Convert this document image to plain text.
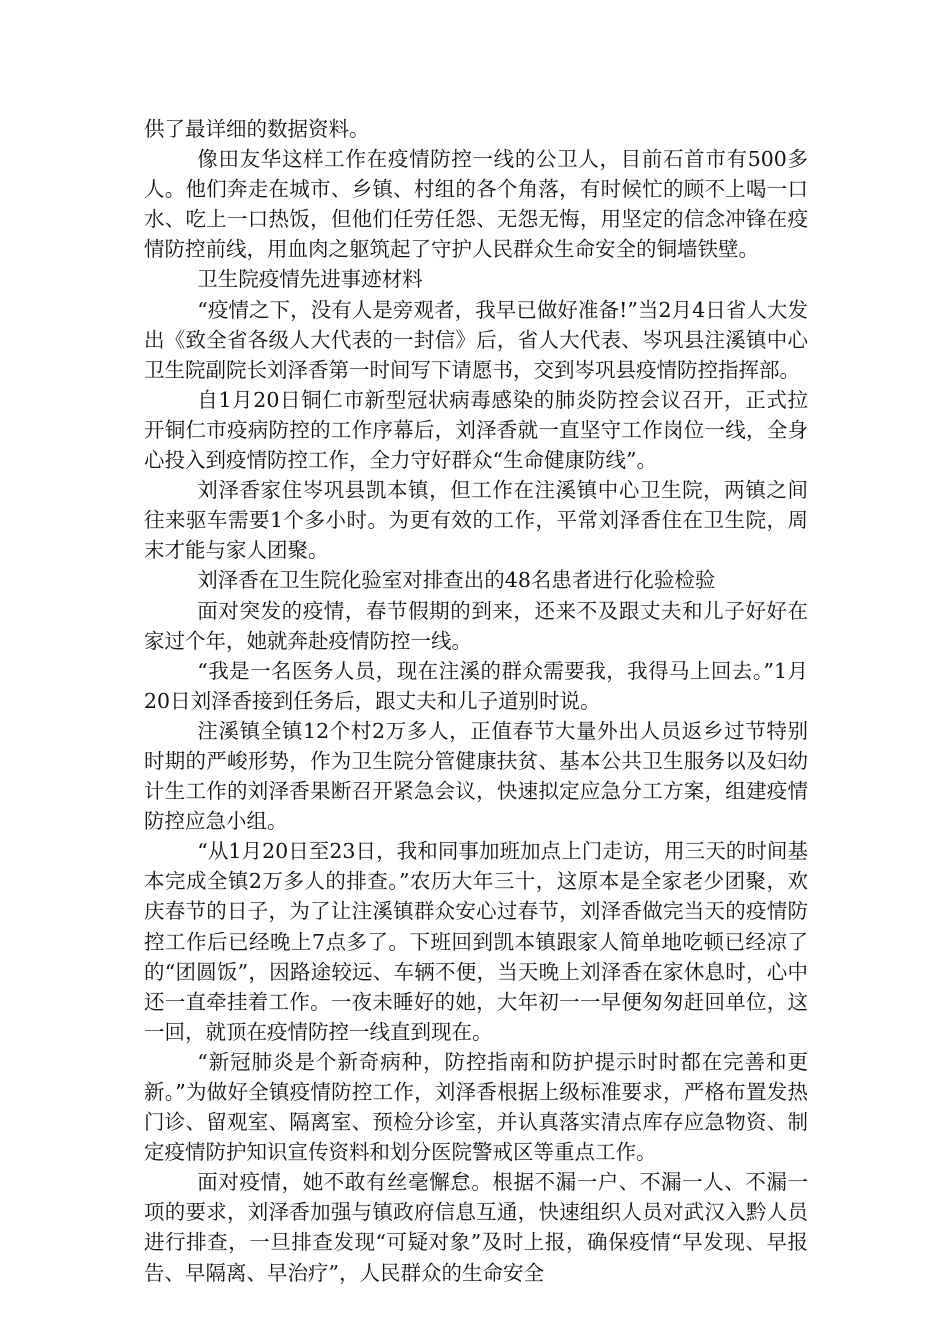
供了最详细的数据资料。

像田友华这样工作在疫情防控一线的公卫人，目前石首市有500多人。他们奔走在城市、乡镇、村组的各个角落，有时候忙的顾不上喝一口水、吃上一口热饭，但他们任劳任怨、无怨无悔，用坚定的信念冲锋在疫情防控前线，用血肉之躯筑起了守护人民群众生命安全的铜墙铁壁。

卫生院疫情先进事迹材料

“疫情之下，没有人是旁观者，我早已做好准备!”当2月4日省人大发出《致全省各级人大代表的一封信》后，省人大代表、岑巩县注溪镇中心卫生院副院长刘泽香第一时间写下请愿书，交到岑巩县疫情防控指挥部。

自1月20日铜仁市新型冠状病毒感染的肺炎防控会议召开，正式拉开铜仁市疫病防控的工作序幕后，刘泽香就一直坚守工作岗位一线，全身心投入到疫情防控工作，全力守好群众“生命健康防线”。

刘泽香家住岑巩县凯本镇，但工作在注溪镇中心卫生院，两镇之间往来驱车需要1个多小时。为更有效的工作，平常刘泽香住在卫生院，周末才能与家人团聚。

刘泽香在卫生院化验室对排查出的48名患者进行化验检验

面对突发的疫情，春节假期的到来，还来不及跟丈夫和儿子好好在家过个年，她就奔赴疫情防控一线。

“我是一名医务人员，现在注溪的群众需要我，我得马上回去。”1月20日刘泽香接到任务后，跟丈夫和儿子道别时说。

注溪镇全镇12个村2万多人，正值春节大量外出人员返乡过节特别时期的严峻形势，作为卫生院分管健康扶贫、基本公共卫生服务以及妇幼计生工作的刘泽香果断召开紧急会议，快速拟定应急分工方案，组建疫情防控应急小组。

“从1月20日至23日，我和同事加班加点上门走访，用三天的时间基本完成全镇2万多人的排查。”农历大年三十，这原本是全家老少团聚，欢庆春节的日子，为了让注溪镇群众安心过春节，刘泽香做完当天的疫情防控工作后已经晚上7点多了。下班回到凯本镇跟家人简单地吃顿已经凉了的“团圆饭”，因路途较远、车辆不便，当天晚上刘泽香在家休息时，心中还一直牵挂着工作。一夜未睡好的她，大年初一一早便匆匆赶回单位，这一回，就顶在疫情防控一线直到现在。

“新冠肺炎是个新奇病种，防控指南和防护提示时时都在完善和更新。”为做好全镇疫情防控工作，刘泽香根据上级标准要求，严格布置发热门诊、留观室、隔离室、预检分诊室，并认真落实清点库存应急物资、制定疫情防护知识宣传资料和划分医院警戒区等重点工作。

面对疫情，她不敢有丝毫懈怠。根据不漏一户、不漏一人、不漏一项的要求，刘泽香加强与镇政府信息互通，快速组织人员对武汉入黔人员进行排查，一旦排查发现“可疑对象”及时上报，确保疫情“早发现、早报告、早隔离、早治疗”，人民群众的生命安全
